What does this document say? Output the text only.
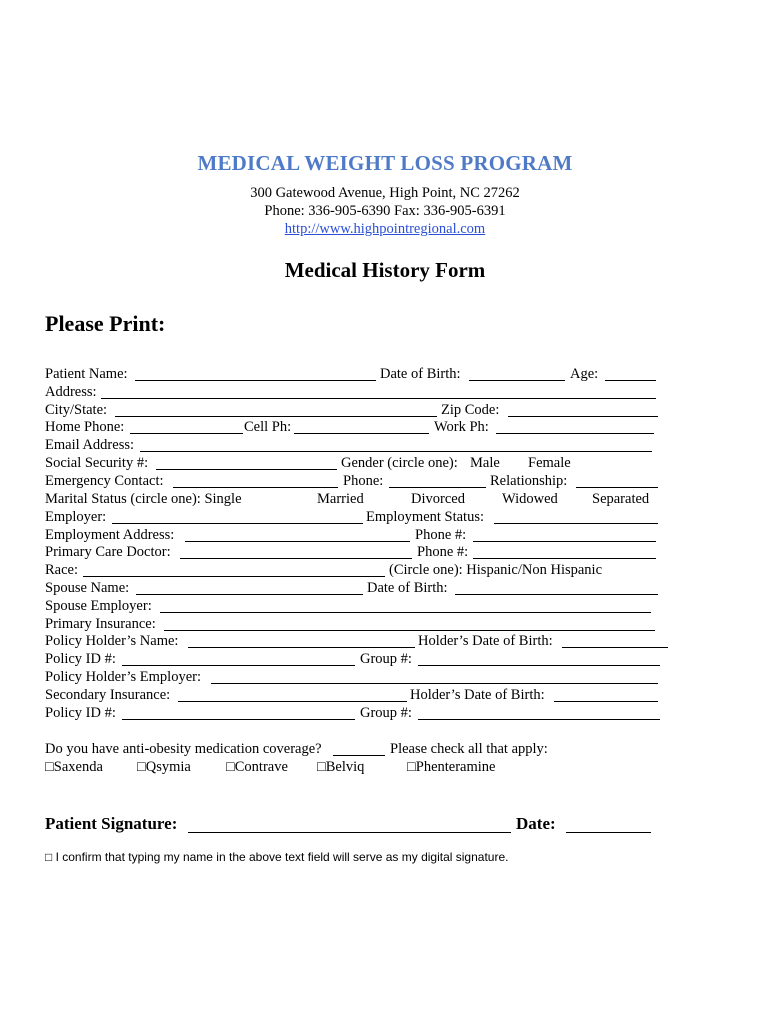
MEDICAL WEIGHT LOSS PROGRAM
300 Gatewood Avenue, High Point, NC 27262
Phone: 336-905-6390 Fax: 336-905-6391
http://www.highpointregional.com
Medical History Form
Please Print:
Patient Name:	Date of Birth:	Age:
Address:
City/State:	Zip Code:
Home Phone:	Cell Ph:	Work Ph:
Email Address:
Social Security #:	Gender (circle one): Male Female
Emergency Contact:	Phone:	Relationship:
Marital Status (circle one): Single	Married	Divorced	Widowed Separated
Employer:	Employment Status:
Employment Address:	Phone #:
Primary Care Doctor:	Phone #:
Race:	(Circle one): Hispanic/Non Hispanic
Spouse Name:	Date of Birth:
Spouse Employer:
Primary Insurance:
Policy Holder’s Name:	Holder’s Date of Birth:
Policy ID #:	Group #:
Policy Holder’s Employer:
Secondary Insurance:	Holder’s Date of Birth:
Policy ID #:	Group #:
Do you have anti-obesity medication coverage?	Please check all that apply:
□Saxenda □Qsymia □Contrave □Belviq	□Phenteramine
Patient Signature:	Date:
□ I confirm that typing my name in the above text field will serve as my digital signature.
